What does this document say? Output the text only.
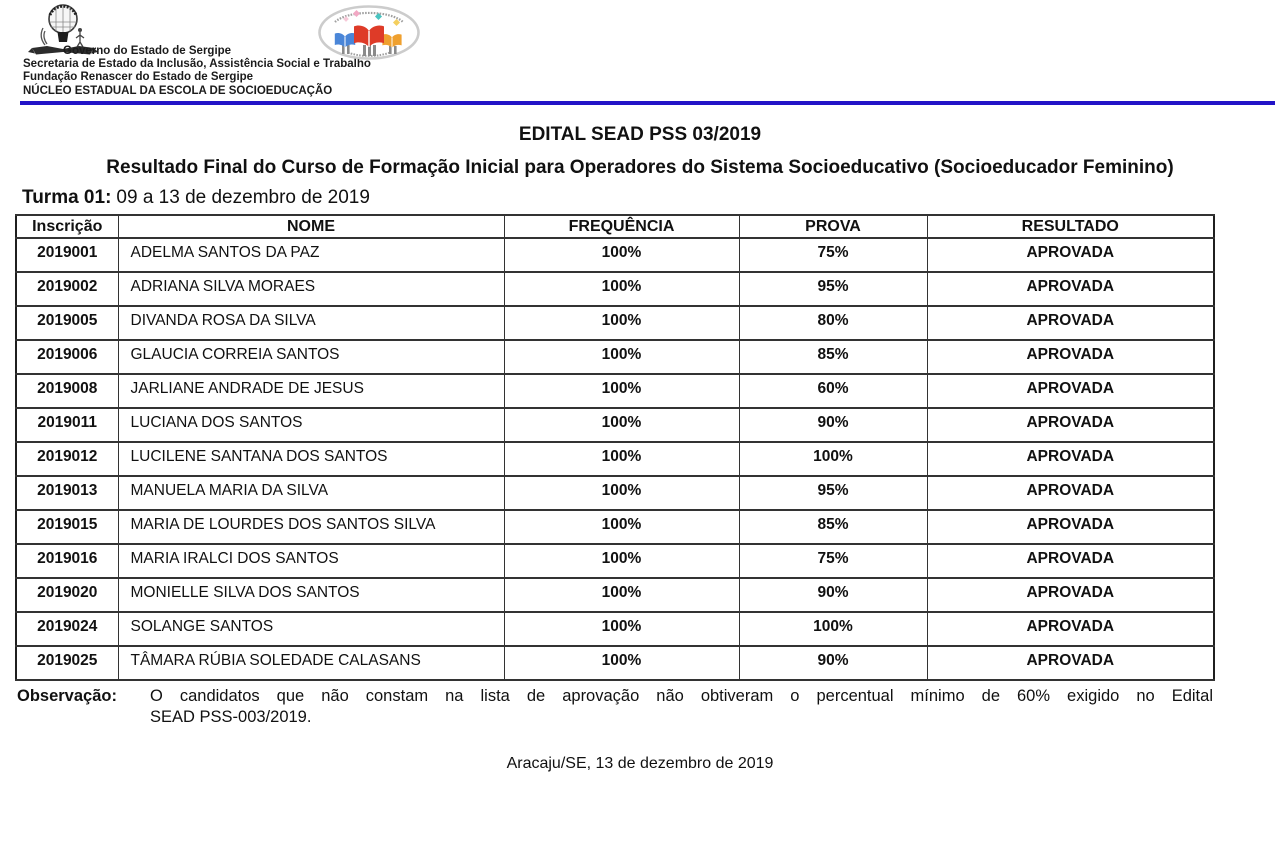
Governo do Estado de Sergipe
Secretaria de Estado da Inclusão, Assistência Social e Trabalho
Fundação Renascer do Estado de Sergipe
NÚCLEO ESTADUAL DA ESCOLA DE SOCIOEDUCAÇÃO
EDITAL SEAD PSS 03/2019
Resultado Final do Curso de Formação Inicial para Operadores do Sistema Socioeducativo (Socioeducador Feminino)
Turma 01: 09 a 13 de dezembro de 2019
Inscrição	NOME	FREQUÊNCIA	PROVA	RESULTADO
2019001	ADELMA SANTOS DA PAZ	100%	75%	APROVADA
2019002	ADRIANA SILVA MORAES	100%	95%	APROVADA
2019005	DIVANDA ROSA DA SILVA	100%	80%	APROVADA
2019006	GLAUCIA CORREIA SANTOS	100%	85%	APROVADA
2019008	JARLIANE ANDRADE DE JESUS	100%	60%	APROVADA
2019011	LUCIANA DOS SANTOS	100%	90%	APROVADA
2019012	LUCILENE SANTANA DOS SANTOS	100%	100%	APROVADA
2019013	MANUELA MARIA DA SILVA	100%	95%	APROVADA
2019015	MARIA DE LOURDES DOS SANTOS SILVA	100%	85%	APROVADA
2019016	MARIA IRALCI DOS SANTOS	100%	75%	APROVADA
2019020	MONIELLE SILVA DOS SANTOS	100%	90%	APROVADA
2019024	SOLANGE SANTOS	100%	100%	APROVADA
2019025	TÂMARA RÚBIA SOLEDADE CALASANS	100%	90%	APROVADA
Observação: O candidatos que não constam na lista de aprovação não obtiveram o percentual mínimo de 60% exigido no Edital
SEAD PSS-003/2019.
Aracaju/SE, 13 de dezembro de 2019
